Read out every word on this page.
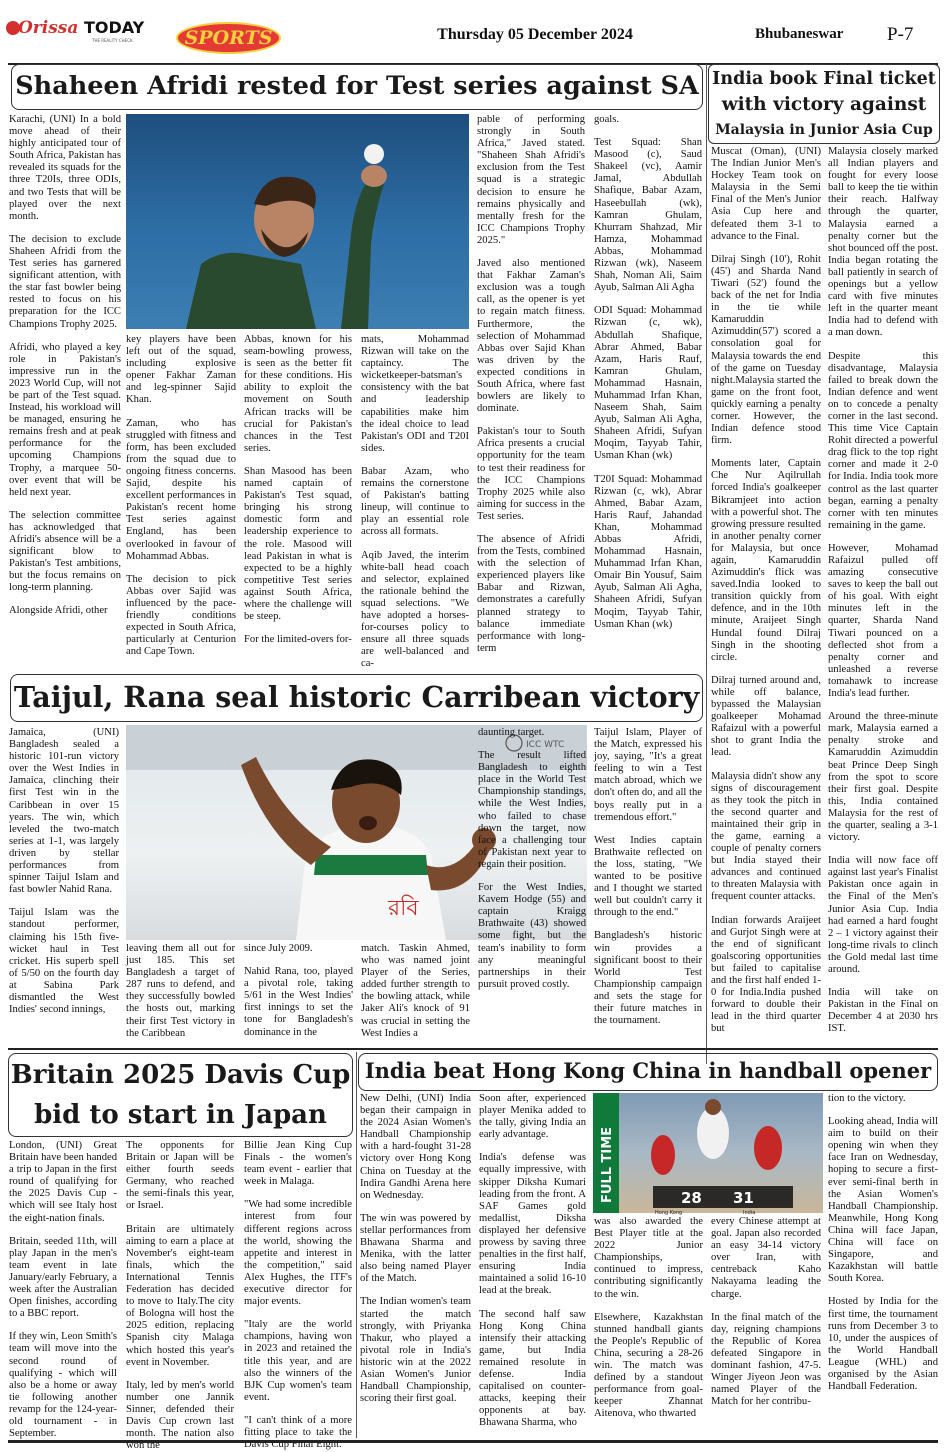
Orissa TODAY
THE REALITY CHECK	SPORTS	Thursday 05 December 2024	Bhubaneswar P-7
Shaheen Afridi rested for Test series against SA

Karachi, (UNI) In a bold move ahead of their highly anticipated tour of South Africa, Pakistan has revealed its squads for the three T20Is, three ODIs, and two Tests that will be played over the next month.

The decision to exclude Shaheen Afridi from the Test series has garnered significant attention, with the star fast bowler being rested to focus on his preparation for the ICC Champions Trophy 2025.

Afridi, who played a key role in Pakistan's impressive run in the 2023 World Cup, will not be part of the Test squad. Instead, his workload will be managed, ensuring he remains fresh and at peak performance for the upcoming Champions Trophy, a marquee 50-over event that will be held next year.

The selection committee has acknowledged that Afridi's absence will be a significant blow to Pakistan's Test ambitions, but the focus remains on long-term planning.

Alongside Afridi, other

key players have been left out of the squad, including explosive opener Fakhar Zaman and leg-spinner Sajid Khan.

Zaman, who has struggled with fitness and form, has been excluded from the squad due to ongoing fitness concerns. Sajid, despite his excellent performances in Pakistan's recent home Test series against England, has been overlooked in favour of Mohammad Abbas.

The decision to pick Abbas over Sajid was influenced by the pace-friendly conditions expected in South Africa, particularly at Centurion and Cape Town.

Abbas, known for his seam-bowling prowess, is seen as the better fit for these conditions. His ability to exploit the movement on South African tracks will be crucial for Pakistan's chances in the Test series.

Shan Masood has been named captain of Pakistan's Test squad, bringing his strong domestic form and leadership experience to the role. Masood will lead Pakistan in what is expected to be a highly competitive Test series against South Africa, where the challenge will be steep.

For the limited-overs for-

mats, Mohammad Rizwan will take on the captaincy. The wicketkeeper-batsman's consistency with the bat and leadership capabilities make him the ideal choice to lead Pakistan's ODI and T20I sides.

Babar Azam, who remains the cornerstone of Pakistan's batting lineup, will continue to play an essential role across all formats.

Aqib Javed, the interim white-ball head coach and selector, explained the rationale behind the squad selections. "We have adopted a horses-for-courses policy to ensure all three squads are well-balanced and ca-

pable of performing strongly in South Africa," Javed stated. "Shaheen Shah Afridi's exclusion from the Test squad is a strategic decision to ensure he remains physically and mentally fresh for the ICC Champions Trophy 2025."

Javed also mentioned that Fakhar Zaman's exclusion was a tough call, as the opener is yet to regain match fitness. Furthermore, the selection of Mohammad Abbas over Sajid Khan was driven by the expected conditions in South Africa, where fast bowlers are likely to dominate.

Pakistan's tour to South Africa presents a crucial opportunity for the team to test their readiness for the ICC Champions Trophy 2025 while also aiming for success in the Test series.

The absence of Afridi from the Tests, combined with the selection of experienced players like Babar and Rizwan, demonstrates a carefully planned strategy to balance immediate performance with long-term

goals.

Test Squad: Shan Masood (c), Saud Shakeel (vc), Aamir Jamal, Abdullah Shafique, Babar Azam, Haseebullah (wk), Kamran Ghulam, Khurram Shahzad, Mir Hamza, Mohammad Abbas, Mohammad Rizwan (wk), Naseem Shah, Noman Ali, Saim Ayub, Salman Ali Agha

ODI Squad: Mohammad Rizwan (c, wk), Abdullah Shafique, Abrar Ahmed, Babar Azam, Haris Rauf, Kamran Ghulam, Mohammad Hasnain, Muhammad Irfan Khan, Naseem Shah, Saim Ayub, Salman Ali Agha, Shaheen Afridi, Sufyan Moqim, Tayyab Tahir, Usman Khan (wk)

T20I Squad: Mohammad Rizwan (c, wk), Abrar Ahmed, Babar Azam, Haris Rauf, Jahandad Khan, Mohammad Abbas Afridi, Mohammad Hasnain, Muhammad Irfan Khan, Omair Bin Yousuf, Saim Ayub, Salman Ali Agha, Shaheen Afridi, Sufyan Moqim, Tayyab Tahir, Usman Khan (wk)

India book Final ticket
with victory against
Malaysia in Junior Asia Cup

Muscat (Oman), (UNI) The Indian Junior Men's Hockey Team took on Malaysia in the Semi Final of the Men's Junior Asia Cup here and defeated them 3-1 to advance to the Final.

Dilraj Singh (10'), Rohit (45') and Sharda Nand Tiwari (52') found the back of the net for India in the tie while Kamaruddin Azimuddin(57') scored a consolation goal for Malaysia towards the end of the game on Tuesday night.Malaysia started the game on the front foot, quickly earning a penalty corner. However, the Indian defence stood firm.

Moments later, Captain Che Nur Aqilrullah forced India's goalkeeper Bikramjeet into action with a powerful shot. The growing pressure resulted in another penalty corner for Malaysia, but once again, Kamaruddin Azimuddin's flick was saved.India looked to transition quickly from defence, and in the 10th minute, Araijeet Singh Hundal found Dilraj Singh in the shooting circle.

Dilraj turned around and, while off balance, bypassed the Malaysian goalkeeper Mohamad Rafaizul with a powerful shot to grant India the lead.

Malaysia didn't show any signs of discouragement as they took the pitch in the second quarter and maintained their grip in the game, earning a couple of penalty corners but India stayed their advances and continued to threaten Malaysia with frequent counter attacks.

Indian forwards Araijeet and Gurjot Singh were at the end of significant goalscoring opportunities but failed to capitalise and the first half ended 1-0 for India.India pushed forward to double their lead in the third quarter but

Malaysia closely marked all Indian players and fought for every loose ball to keep the tie within their reach. Halfway through the quarter, Malaysia earned a penalty corner but the shot bounced off the post. India began rotating the ball patiently in search of openings but a yellow card with five minutes left in the quarter meant India had to defend with a man down.

Despite this disadvantage, Malaysia failed to break down the Indian defence and went on to concede a penalty corner in the last second. This time Vice Captain Rohit directed a powerful drag flick to the top right corner and made it 2-0 for India. India took more control as the last quarter began, earning a penalty corner with ten minutes remaining in the game.

However, Mohamad Rafaizul pulled off amazing consecutive saves to keep the ball out of his goal. With eight minutes left in the quarter, Sharda Nand Tiwari pounced on a deflected shot from a penalty corner and unleashed a reverse tomahawk to increase India's lead further.

Around the three-minute mark, Malaysia earned a penalty stroke and Kamaruddin Azimuddin beat Prince Deep Singh from the spot to score their first goal. Despite this, India contained Malaysia for the rest of the quarter, sealing a 3-1 victory.

India will now face off against last year's Finalist Pakistan once again in the Final of the Men's Junior Asia Cup. India had earned a hard fought 2 – 1 victory against their long-time rivals to clinch the Gold medal last time around.

India will take on Pakistan in the Final on December 4 at 2030 hrs IST.

Taijul, Rana seal historic Carribean victory
রবি
ICC WTC

Jamaica, (UNI) Bangladesh sealed a historic 101-run victory over the West Indies in Jamaica, clinching their first Test win in the Caribbean in over 15 years. The win, which leveled the two-match series at 1-1, was largely driven by stellar performances from spinner Taijul Islam and fast bowler Nahid Rana.

Taijul Islam was the standout performer, claiming his 15th five-wicket haul in Test cricket. His superb spell of 5/50 on the fourth day at Sabina Park dismantled the West Indies' second innings,

leaving them all out for just 185. This set Bangladesh a target of 287 runs to defend, and they successfully bowled the hosts out, marking their first Test victory in the Caribbean

since July 2009.

Nahid Rana, too, played a pivotal role, taking 5/61 in the West Indies' first innings to set the tone for Bangladesh's dominance in the

match. Taskin Ahmed, who was named joint Player of the Series, added further strength to the bowling attack, while Jaker Ali's knock of 91 was crucial in setting the West Indies a

daunting target.

The result lifted Bangladesh to eighth place in the World Test Championship standings, while the West Indies, who failed to chase down the target, now face a challenging tour of Pakistan next year to regain their position.

For the West Indies, Kavem Hodge (55) and captain Kraigg Brathwaite (43) showed some fight, but the team's inability to form any meaningful partnerships in their pursuit proved costly.

Taijul Islam, Player of the Match, expressed his joy, saying, "It's a great feeling to win a Test match abroad, which we don't often do, and all the boys really put in a tremendous effort."

West Indies captain Brathwaite reflected on the loss, stating, "We wanted to be positive and I thought we started well but couldn't carry it through to the end."

Bangladesh's historic win provides a significant boost to their World Test Championship campaign and sets the stage for their future matches in the tournament.

Britain 2025 Davis Cup
bid to start in Japan

London, (UNI) Great Britain have been handed a trip to Japan in the first round of qualifying for the 2025 Davis Cup - which will see Italy host the eight-nation finals.

Britain, seeded 11th, will play Japan in the men's team event in late January/early February, a week after the Australian Open finishes, according to a BBC report.

If they win, Leon Smith's team will move into the second round of qualifying - which will also be a home or away tie following another revamp for the 124-year-old tournament - in September.

The opponents for Britain or Japan will be either fourth seeds Germany, who reached the semi-finals this year, or Israel.

Britain are ultimately aiming to earn a place at November's eight-team finals, which the International Tennis Federation has decided to move to Italy.The city of Bologna will host the 2025 edition, replacing Spanish city Malaga which hosted this year's event in November.

Italy, led by men's world number one Jannik Sinner, defended their Davis Cup crown last month. The nation also won the

Billie Jean King Cup Finals - the women's team event - earlier that week in Malaga.

"We had some incredible interest from four different regions across the world, showing the appetite and interest in the competition," said Alex Hughes, the ITF's executive director for major events.

"Italy are the world champions, having won in 2023 and retained the title this year, and are also the winners of the BJK Cup women's team event.

"I can't think of a more fitting place to take the Davis Cup Final Eight."

India beat Hong Kong China in handball opener
FULL TIME	28 31
Hong Kong	India

New Delhi, (UNI) India began their campaign in the 2024 Asian Women's Handball Championship with a hard-fought 31-28 victory over Hong Kong China on Tuesday at the Indira Gandhi Arena here on Wednesday.

The win was powered by stellar performances from Bhawana Sharma and Menika, with the latter also being named Player of the Match.

The Indian women's team started the match strongly, with Priyanka Thakur, who played a pivotal role in India's historic win at the 2022 Asian Women's Junior Handball Championship, scoring their first goal.

Soon after, experienced player Menika added to the tally, giving India an early advantage.

India's defense was equally impressive, with skipper Diksha Kumari leading from the front. A SAF Games gold medallist, Diksha displayed her defensive prowess by saving three penalties in the first half, ensuring India maintained a solid 16-10 lead at the break.

The second half saw Hong Kong China intensify their attacking game, but India remained resolute in defense. India capitalised on counter-attacks, keeping their opponents at bay. Bhawana Sharma, who

was also awarded the Best Player title at the 2022 Junior Championships, continued to impress, contributing significantly to the win.

Elsewhere, Kazakhstan stunned handball giants the People's Republic of China, securing a 28-26 win. The match was defined by a standout performance from goal-keeper Zhannat Aitenova, who thwarted

every Chinese attempt at goal. Japan also recorded an easy 34-14 victory over Iran, with centreback Kaho Nakayama leading the charge.

In the final match of the day, reigning champions the Republic of Korea defeated Singapore in dominant fashion, 47-5. Winger Jiyeon Jeon was named Player of the Match for her contribu-

tion to the victory.

Looking ahead, India will aim to build on their opening win when they face Iran on Wednesday, hoping to secure a first-ever semi-final berth in the Asian Women's Handball Championship. Meanwhile, Hong Kong China will face Japan, China will face on Singapore, and Kazakhstan will battle South Korea.

Hosted by India for the first time, the tournament runs from December 3 to 10, under the auspices of the World Handball League (WHL) and organised by the Asian Handball Federation.
